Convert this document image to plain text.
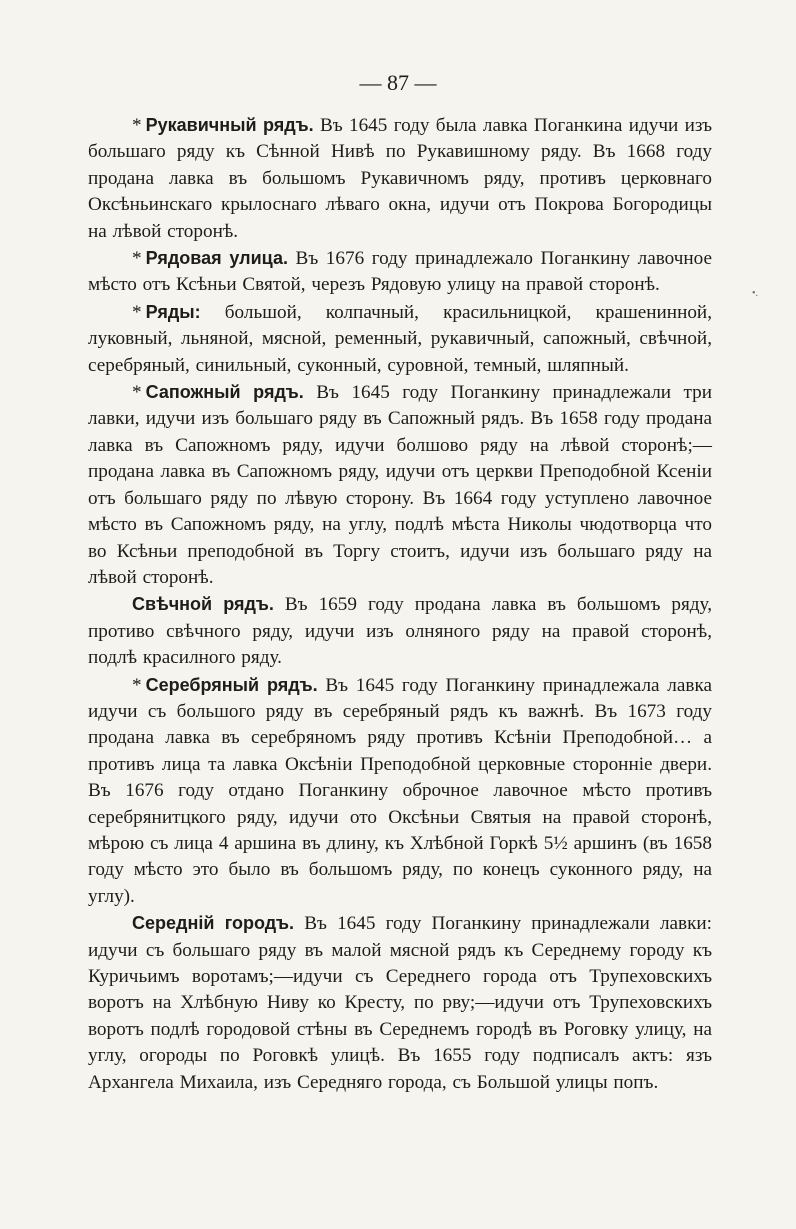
— 87 —

* Рукавичный рядъ. Въ 1645 году была лавка Поганкина идучи изъ большаго ряду къ Сѣнной Нивѣ по Рукавишному ряду. Въ 1668 году продана лавка въ большомъ Рукавичномъ ряду, противъ церковнаго Оксѣньинскаго крылоснаго лѣваго окна, идучи отъ Покрова Богородицы на лѣвой сторонѣ.

* Рядовая улица. Въ 1676 году принадлежало Поганкину лавочное мѣсто отъ Ксѣньи Святой, черезъ Рядовую улицу на правой сторонѣ.

* Ряды: большой, колпачный, красильницкой, крашенинной, луковный, льняной, мясной, ременный, рукавичный, сапожный, свѣчной, серебряный, синильный, суконный, суровной, темный, шляпный.

* Сапожный рядъ. Въ 1645 году Поганкину принадлежали три лавки, идучи изъ большаго ряду въ Сапожный рядъ. Въ 1658 году продана лавка въ Сапожномъ ряду, идучи болшово ряду на лѣвой сторонѣ;— продана лавка въ Сапожномъ ряду, идучи отъ церкви Преподобной Ксеніи отъ большаго ряду по лѣвую сторону. Въ 1664 году уступлено лавочное мѣсто въ Сапожномъ ряду, на углу, подлѣ мѣста Николы чюдотворца что во Ксѣньи преподобной въ Торгу стоитъ, идучи изъ большаго ряду на лѣвой сторонѣ.

Свѣчной рядъ. Въ 1659 году продана лавка въ большомъ ряду, противо свѣчного ряду, идучи изъ олняного ряду на правой сторонѣ, подлѣ красилного ряду.

* Серебряный рядъ. Въ 1645 году Поганкину принадлежала лавка идучи съ большого ряду въ серебряный рядъ къ важнѣ. Въ 1673 году продана лавка въ серебряномъ ряду противъ Ксѣніи Преподобной… а противъ лица та лавка Оксѣніи Преподобной церковные сторонніе двери. Въ 1676 году отдано Поганкину оброчное лавочное мѣсто противъ серебрянитцкого ряду, идучи ото Оксѣньи Святыя на правой сторонѣ, мѣрою съ лица 4 аршина въ длину, къ Хлѣбной Горкѣ 5½ аршинъ (въ 1658 году мѣсто это было въ большомъ ряду, по конецъ суконного ряду, на углу).

Середній городъ. Въ 1645 году Поганкину принадлежали лавки: идучи съ большаго ряду въ малой мясной рядъ къ Середнему городу къ Куричьимъ воротамъ;—идучи съ Середнего города отъ Трупеховскихъ воротъ на Хлѣбную Ниву ко Кресту, по рву;—идучи отъ Трупеховскихъ воротъ подлѣ городовой стѣны въ Середнемъ городѣ въ Роговку улицу, на углу, огороды по Роговкѣ улицѣ. Въ 1655 году подписалъ актъ: язъ Архангела Михаила, изъ Середняго города, съ Большой улицы попъ.

•.
